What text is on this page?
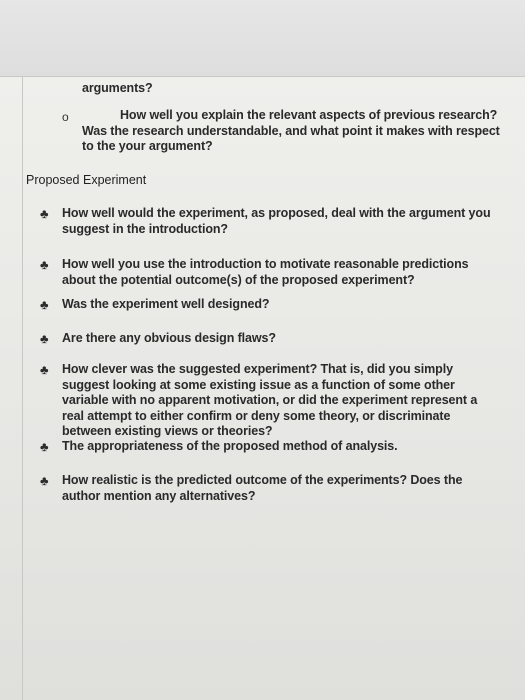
arguments?
o	How well you explain the relevant aspects of previous research? Was the research understandable, and what point it makes with respect to the your argument?
Proposed Experiment
♣ How well would the experiment, as proposed, deal with the argument you suggest in the introduction?
♣ How well you use the introduction to motivate reasonable predictions about the potential outcome(s) of the proposed experiment?
♣ Was the experiment well designed?
♣ Are there any obvious design flaws?
♣ How clever was the suggested experiment? That is, did you simply suggest looking at some existing issue as a function of some other variable with no apparent motivation, or did the experiment represent a real attempt to either confirm or deny some theory, or discriminate between existing views or theories?
♣ The appropriateness of the proposed method of analysis.
♣ How realistic is the predicted outcome of the experiments? Does the author mention any alternatives?
